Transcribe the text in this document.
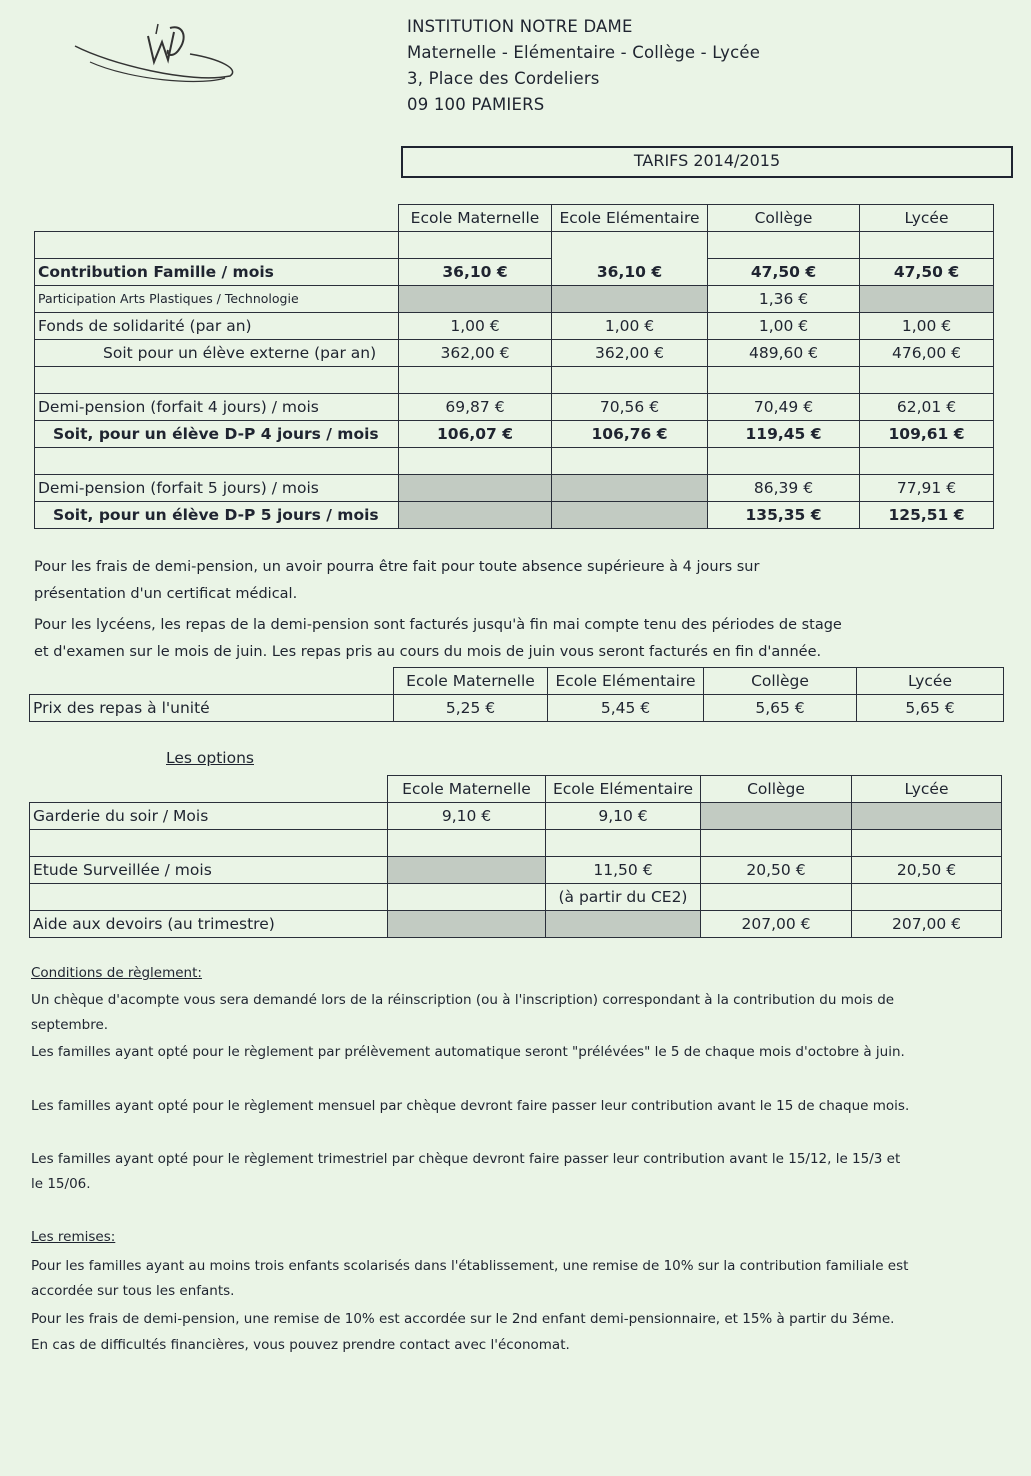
INSTITUTION NOTRE DAME
Maternelle - Elémentaire - Collège - Lycée
3, Place des Cordeliers
09 100 PAMIERS
TARIFS 2014/2015
	Ecole Maternelle	Ecole Elémentaire	Collège	Lycée

Contribution Famille / mois	36,10 €	36,10 €	47,50 €	47,50 €
Participation Arts Plastiques / Technologie			1,36 €	
Fonds de solidarité (par an)	1,00 €	1,00 €	1,00 €	1,00 €
Soit pour un élève externe (par an)	362,00 €	362,00 €	489,60 €	476,00 €

Demi-pension (forfait 4 jours) / mois	69,87 €	70,56 €	70,49 €	62,01 €
Soit, pour un élève D-P 4 jours / mois	106,07 €	106,76 €	119,45 €	109,61 €

Demi-pension (forfait 5 jours) / mois			86,39 €	77,91 €
Soit, pour un élève D-P 5 jours / mois			135,35 €	125,51 €
Pour les frais de demi-pension, un avoir pourra être fait pour toute absence supérieure à 4 jours sur
présentation d'un certificat médical.
Pour les lycéens, les repas de la demi-pension sont facturés jusqu'à fin mai compte tenu des périodes de stage
et d'examen sur le mois de juin. Les repas pris au cours du mois de juin vous seront facturés en fin d'année.
	Ecole Maternelle	Ecole Elémentaire	Collège	Lycée
Prix des repas à l'unité	5,25 €	5,45 €	5,65 €	5,65 €
Les options
	Ecole Maternelle	Ecole Elémentaire	Collège	Lycée
Garderie du soir / Mois	9,10 €	9,10 €		

Etude Surveillée / mois		11,50 €	20,50 €	20,50 €
		(à partir du CE2)		
Aide aux devoirs (au trimestre)			207,00 €	207,00 €
Conditions de règlement:
Un chèque d'acompte vous sera demandé lors de la réinscription (ou à l'inscription) correspondant à la contribution du mois de
septembre.
Les familles ayant opté pour le règlement par prélèvement automatique seront "prélévées" le 5 de chaque mois d'octobre à juin.
Les familles ayant opté pour le règlement mensuel par chèque devront faire passer leur contribution avant le 15 de chaque mois.
Les familles ayant opté pour le règlement trimestriel par chèque devront faire passer leur contribution avant le 15/12, le 15/3 et
le 15/06.
Les remises:
Pour les familles ayant au moins trois enfants scolarisés dans l'établissement, une remise de 10% sur la contribution familiale est
accordée sur tous les enfants.
Pour les frais de demi-pension, une remise de 10% est accordée sur le 2nd enfant demi-pensionnaire, et 15% à partir du 3éme.
En cas de difficultés financières, vous pouvez prendre contact avec l'économat.
